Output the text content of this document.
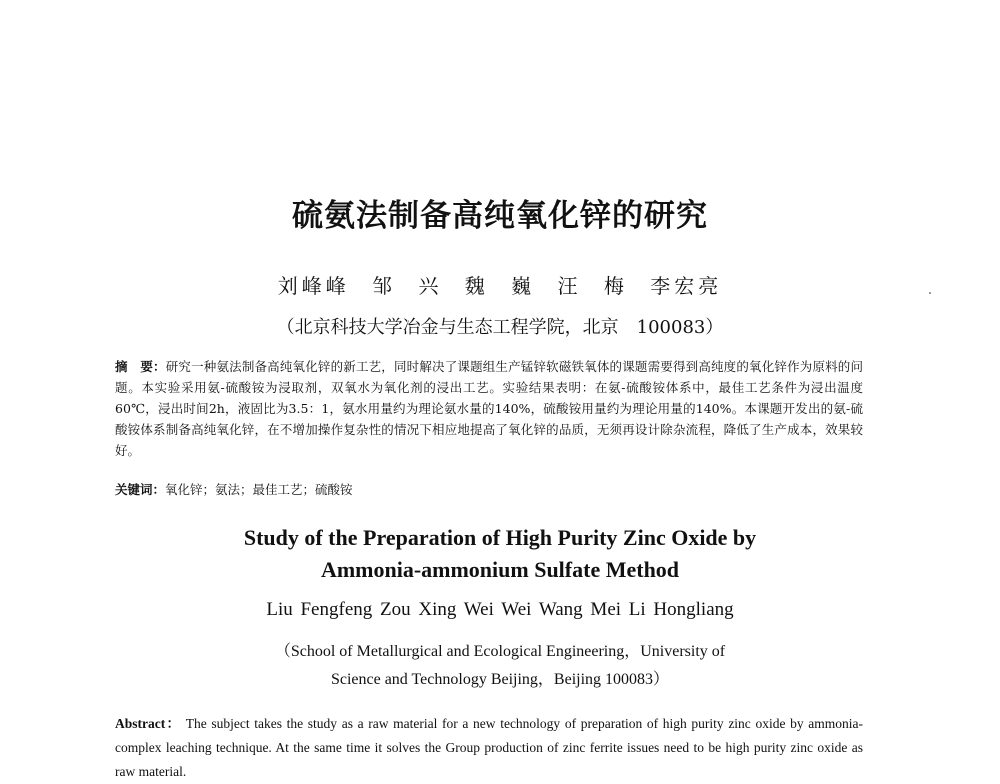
硫氨法制备高纯氧化锌的研究
刘峰峰 邹 兴 魏 巍 汪 梅 李宏亮
（北京科技大学冶金与生态工程学院，北京　100083）
摘　要：研究一种氨法制备高纯氧化锌的新工艺，同时解决了课题组生产锰锌软磁铁氧体的课题需要得到高纯度的氧化锌作为原料的问题。本实验采用氨-硫酸铵为浸取剂，双氧水为氧化剂的浸出工艺。实验结果表明：在氨-硫酸铵体系中，最佳工艺条件为浸出温度60℃，浸出时间2h，液固比为3.5：1，氨水用量约为理论氨水量的140%，硫酸铵用量约为理论用量的140%。本课题开发出的氨-硫酸铵体系制备高纯氧化锌，在不增加操作复杂性的情况下相应地提高了氧化锌的品质，无须再设计除杂流程，降低了生产成本，效果较好。
关键词：氧化锌；氨法；最佳工艺；硫酸铵
Study of the Preparation of High Purity Zinc Oxide by
Ammonia-ammonium Sulfate Method
Liu Fengfeng Zou Xing Wei Wei Wang Mei Li Hongliang
（School of Metallurgical and Ecological Engineering，University of
Science and Technology Beijing，Beijing 100083）
Abstract： The subject takes the study as a raw material for a new technology of preparation of high purity zinc oxide by ammonia-complex leaching technique. At the same time it solves the Group production of zinc ferrite issues need to be high purity zinc oxide as raw material.
